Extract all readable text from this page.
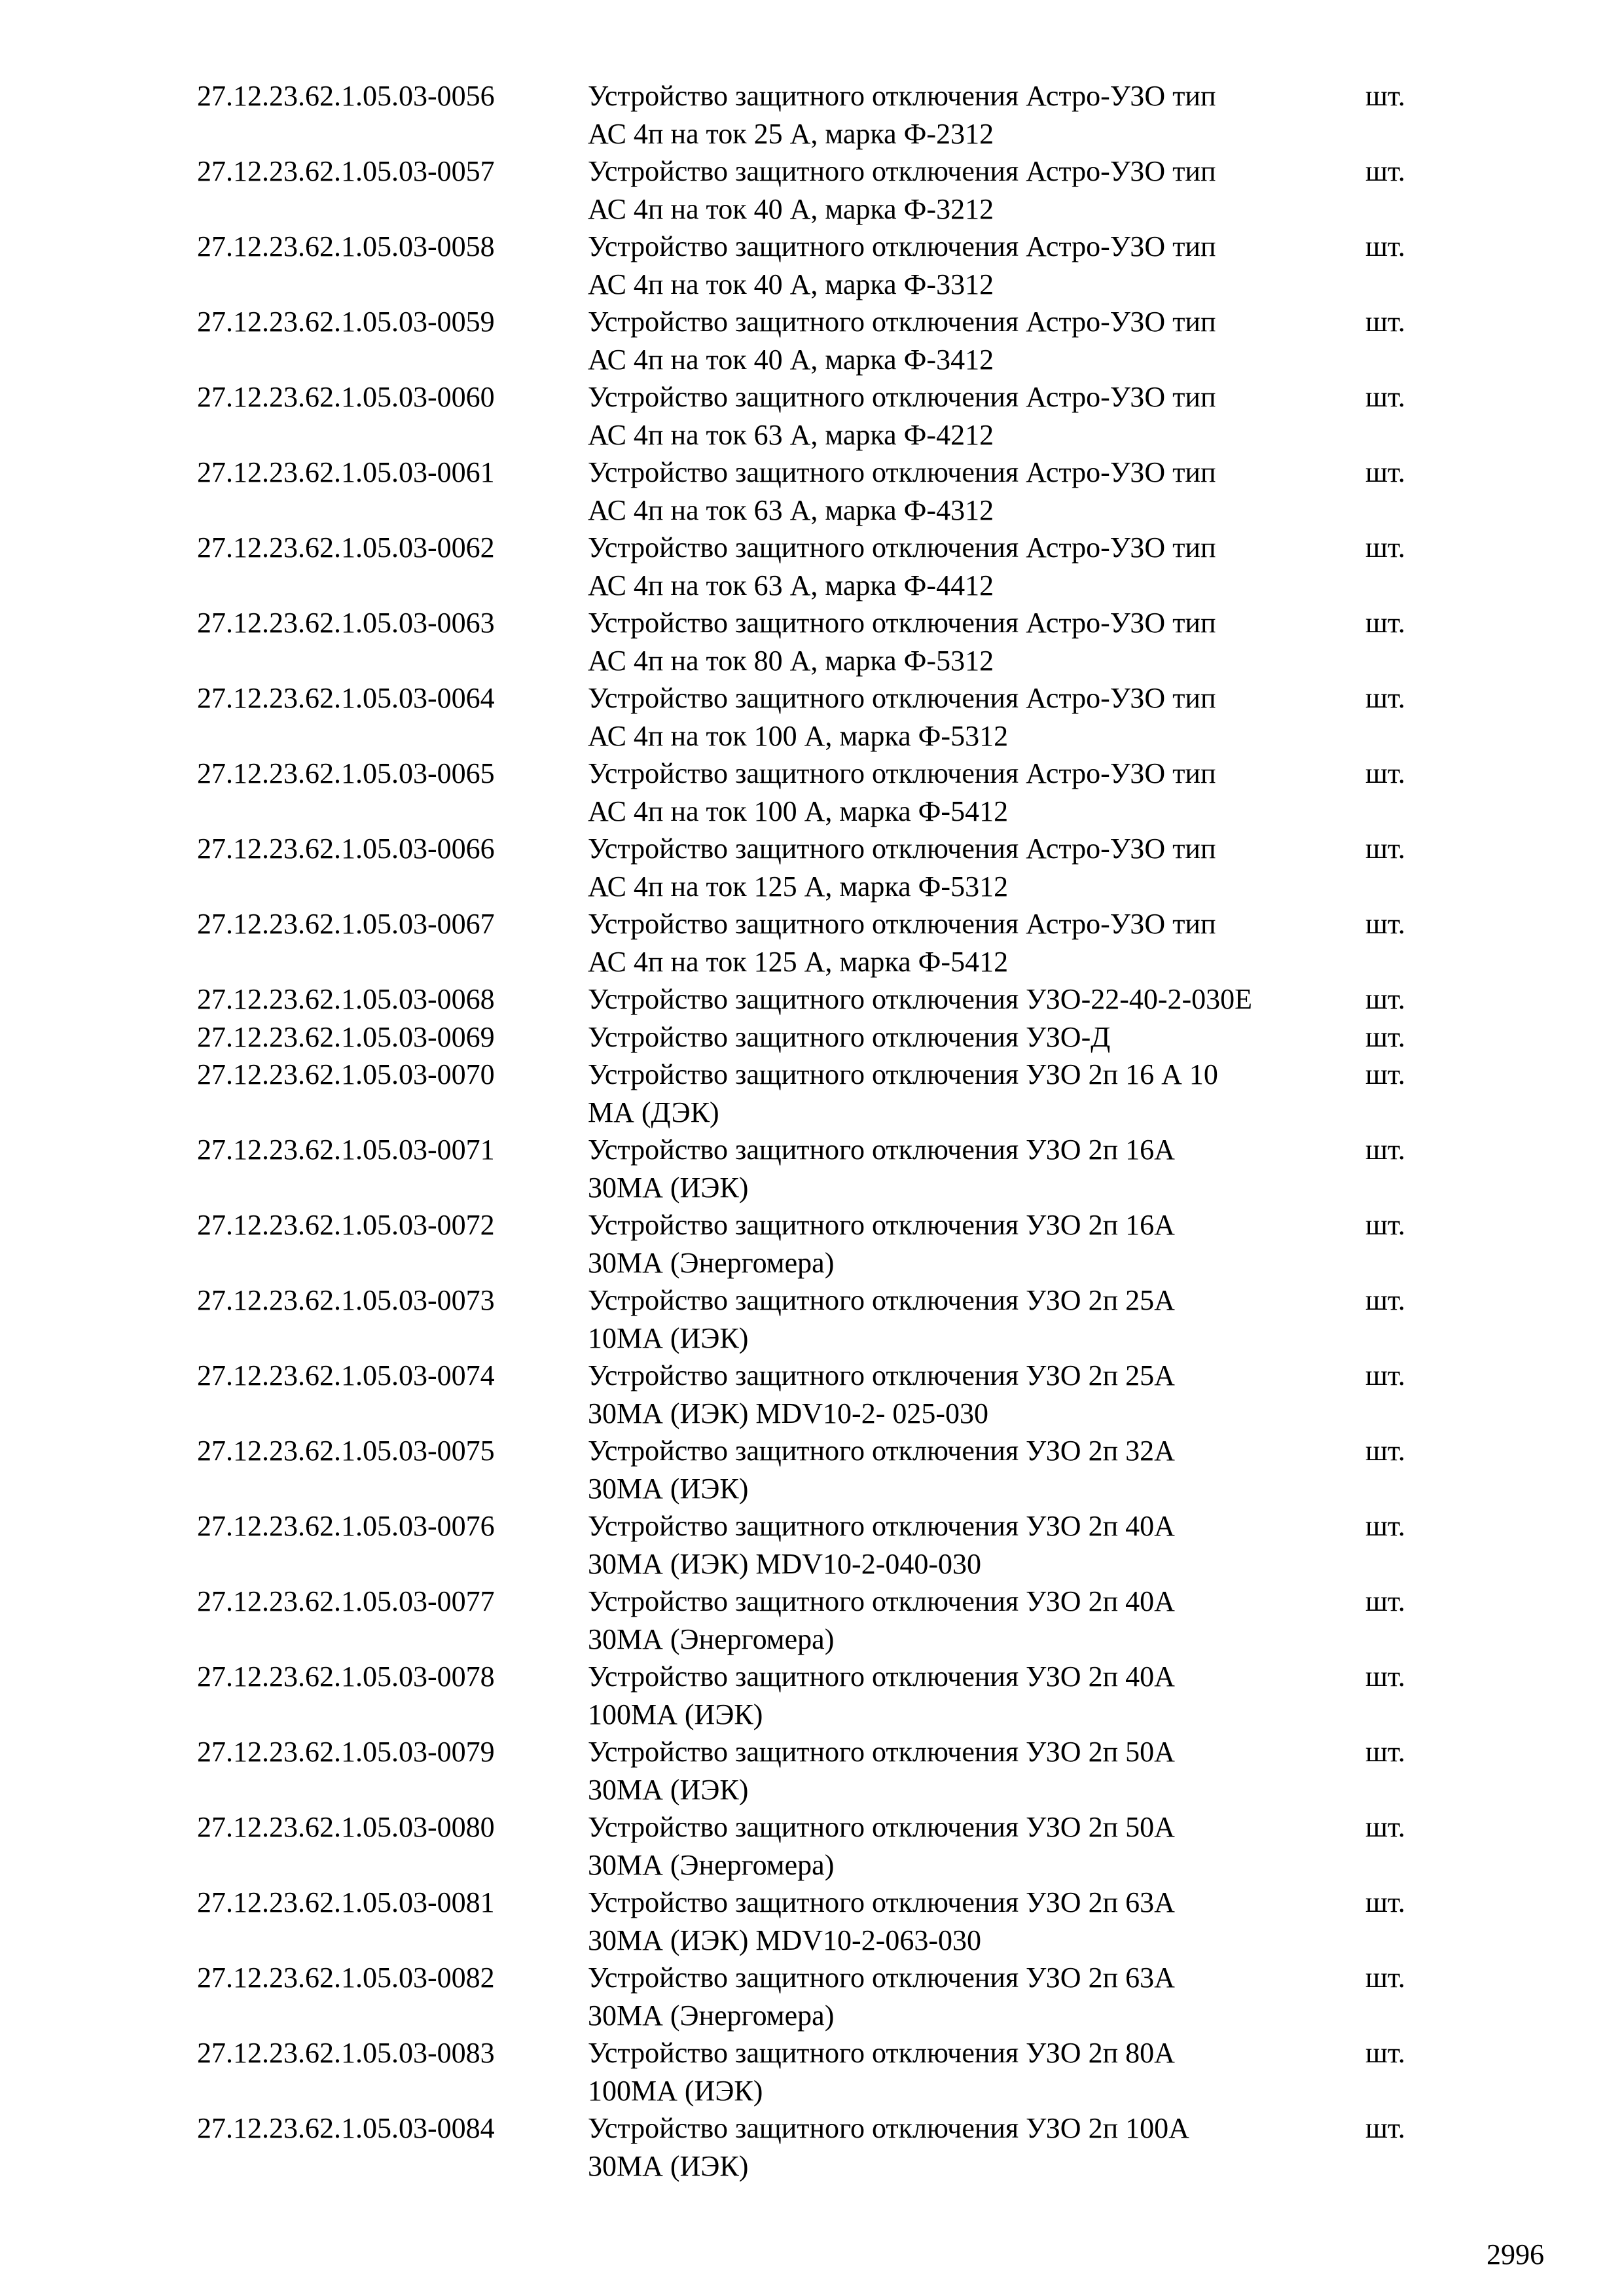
27.12.23.62.1.05.03-0056	Устройство защитного отключения Астро-УЗО тип
АС 4п на ток 25 А, марка Ф-2312
шт.
27.12.23.62.1.05.03-0057	Устройство защитного отключения Астро-УЗО тип
АС 4п на ток 40 А, марка Ф-3212
шт.
27.12.23.62.1.05.03-0058	Устройство защитного отключения Астро-УЗО тип
АС 4п на ток 40 А, марка Ф-3312
шт.
27.12.23.62.1.05.03-0059	Устройство защитного отключения Астро-УЗО тип
АС 4п на ток 40 А, марка Ф-3412
шт.
27.12.23.62.1.05.03-0060	Устройство защитного отключения Астро-УЗО тип
АС 4п на ток 63 А, марка Ф-4212
шт.
27.12.23.62.1.05.03-0061	Устройство защитного отключения Астро-УЗО тип
АС 4п на ток 63 А, марка Ф-4312
шт.
27.12.23.62.1.05.03-0062	Устройство защитного отключения Астро-УЗО тип
АС 4п на ток 63 А, марка Ф-4412
шт.
27.12.23.62.1.05.03-0063	Устройство защитного отключения Астро-УЗО тип
АС 4п на ток 80 А, марка Ф-5312
шт.
27.12.23.62.1.05.03-0064	Устройство защитного отключения Астро-УЗО тип
АС 4п на ток 100 А, марка Ф-5312
шт.
27.12.23.62.1.05.03-0065	Устройство защитного отключения Астро-УЗО тип
АС 4п на ток 100 А, марка Ф-5412
шт.
27.12.23.62.1.05.03-0066	Устройство защитного отключения Астро-УЗО тип
АС 4п на ток 125 А, марка Ф-5312
шт.
27.12.23.62.1.05.03-0067	Устройство защитного отключения Астро-УЗО тип
АС 4п на ток 125 А, марка Ф-5412
шт.
27.12.23.62.1.05.03-0068	Устройство защитного отключения УЗО-22-40-2-030Е	шт.
27.12.23.62.1.05.03-0069	Устройство защитного отключения УЗО-Д	шт.
27.12.23.62.1.05.03-0070	Устройство защитного отключения УЗО 2п 16 А 10
МА (ДЭК)
шт.
27.12.23.62.1.05.03-0071	Устройство защитного отключения УЗО 2п 16А
30МА (ИЭК)
шт.
27.12.23.62.1.05.03-0072	Устройство защитного отключения УЗО 2п 16А
30МА (Энергомера)
шт.
27.12.23.62.1.05.03-0073	Устройство защитного отключения УЗО 2п 25А
10МА (ИЭК)
шт.
27.12.23.62.1.05.03-0074	Устройство защитного отключения УЗО 2п 25А
30МА (ИЭК) MDV10-2- 025-030
шт.
27.12.23.62.1.05.03-0075	Устройство защитного отключения УЗО 2п 32А
30МА (ИЭК)
шт.
27.12.23.62.1.05.03-0076	Устройство защитного отключения УЗО 2п 40А
30МА (ИЭК) MDV10-2-040-030
шт.
27.12.23.62.1.05.03-0077	Устройство защитного отключения УЗО 2п 40А
30МА (Энергомера)
шт.
27.12.23.62.1.05.03-0078	Устройство защитного отключения УЗО 2п 40А
100МА (ИЭК)
шт.
27.12.23.62.1.05.03-0079	Устройство защитного отключения УЗО 2п 50А
30МА (ИЭК)
шт.
27.12.23.62.1.05.03-0080	Устройство защитного отключения УЗО 2п 50А
30МА (Энергомера)
шт.
27.12.23.62.1.05.03-0081	Устройство защитного отключения УЗО 2п 63А
30МА (ИЭК) MDV10-2-063-030
шт.
27.12.23.62.1.05.03-0082	Устройство защитного отключения УЗО 2п 63А
30МА (Энергомера)
шт.
27.12.23.62.1.05.03-0083	Устройство защитного отключения УЗО 2п 80А
100МА (ИЭК)
шт.
27.12.23.62.1.05.03-0084	Устройство защитного отключения УЗО 2п 100А
30МА (ИЭК)
шт.
2996
